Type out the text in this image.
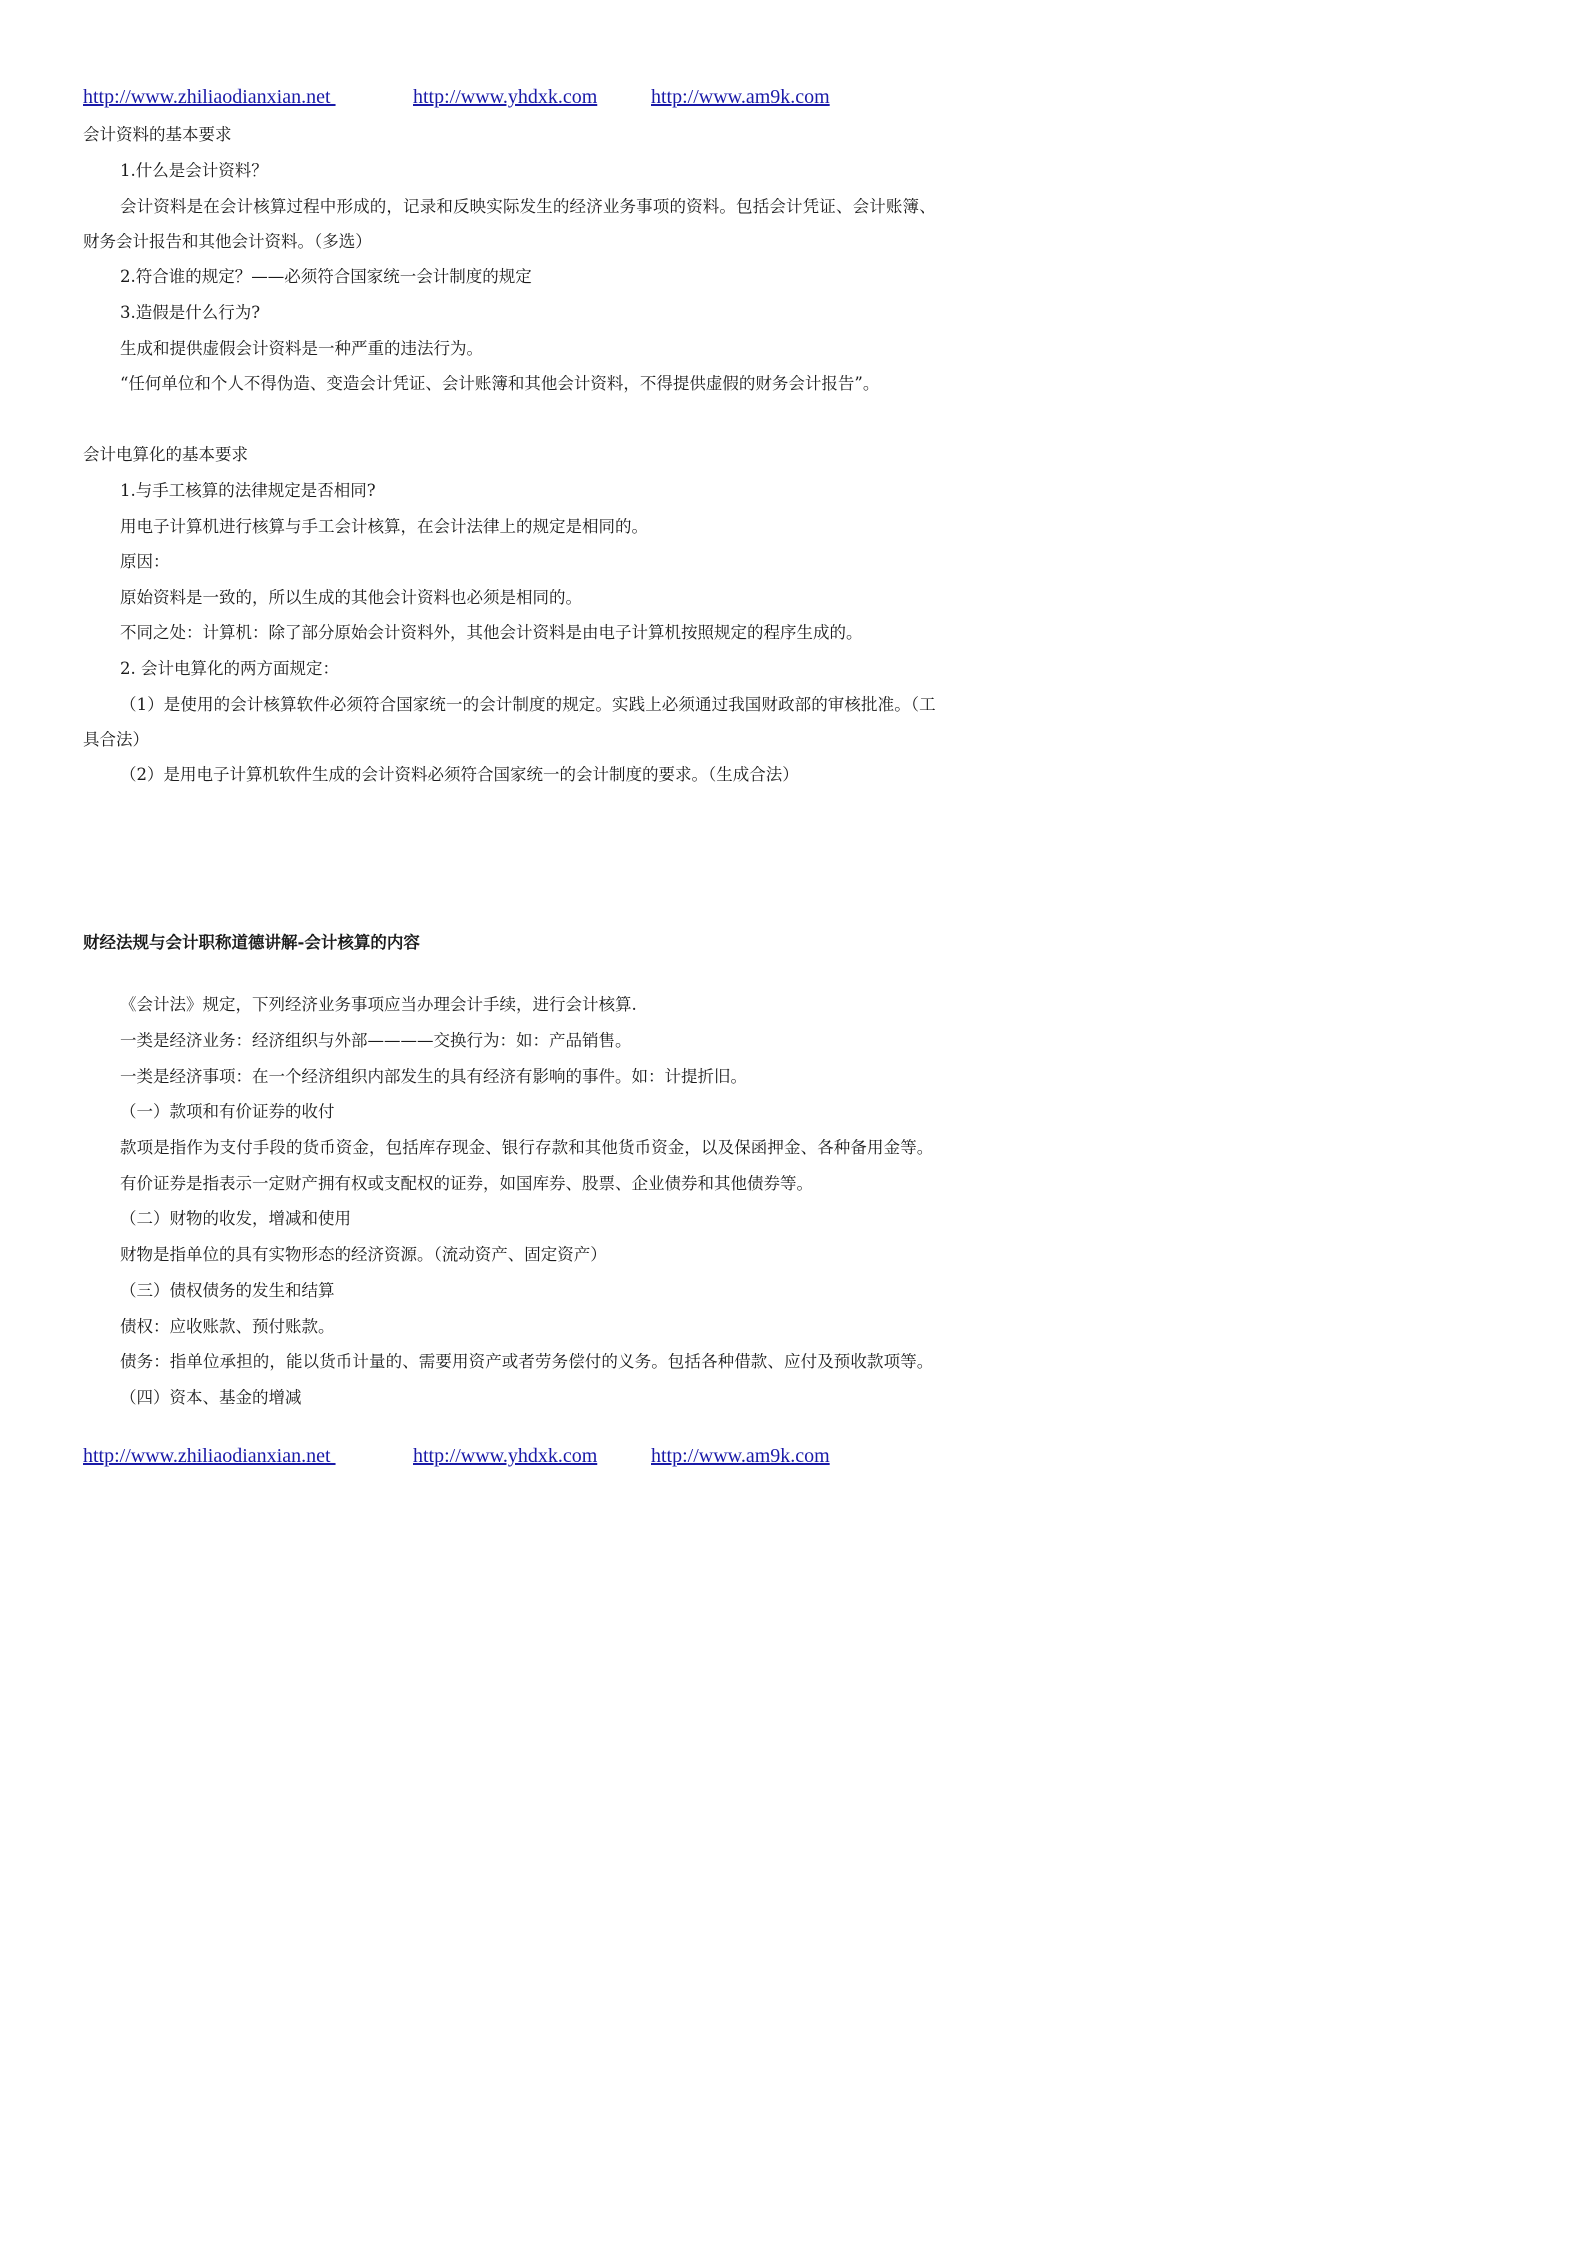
http://www.zhiliaodianxian.net	http://www.yhdxk.com	http://www.am9k.com
会计资料的基本要求
1.什么是会计资料？
会计资料是在会计核算过程中形成的，记录和反映实际发生的经济业务事项的资料。包括会计凭证、会计账簿、
财务会计报告和其他会计资料。（多选）
2.符合谁的规定？——必须符合国家统一会计制度的规定
3.造假是什么行为?
生成和提供虚假会计资料是一种严重的违法行为。
“任何单位和个人不得伪造、变造会计凭证、会计账簿和其他会计资料，不得提供虚假的财务会计报告”。
会计电算化的基本要求
1.与手工核算的法律规定是否相同?
用电子计算机进行核算与手工会计核算，在会计法律上的规定是相同的。
原因：
原始资料是一致的，所以生成的其他会计资料也必须是相同的。
不同之处：计算机：除了部分原始会计资料外，其他会计资料是由电子计算机按照规定的程序生成的。
2. 会计电算化的两方面规定：
（1）是使用的会计核算软件必须符合国家统一的会计制度的规定。实践上必须通过我国财政部的审核批准。（工
具合法）
（2）是用电子计算机软件生成的会计资料必须符合国家统一的会计制度的要求。（生成合法）
财经法规与会计职称道德讲解-会计核算的内容
《会计法》规定，下列经济业务事项应当办理会计手续，进行会计核算.
一类是经济业务：经济组织与外部————交换行为：如：产品销售。
一类是经济事项：在一个经济组织内部发生的具有经济有影响的事件。如：计提折旧。
（一）款项和有价证券的收付
款项是指作为支付手段的货币资金，包括库存现金、银行存款和其他货币资金，以及保函押金、各种备用金等。
有价证券是指表示一定财产拥有权或支配权的证券，如国库券、股票、企业债券和其他债券等。
（二）财物的收发，增减和使用
财物是指单位的具有实物形态的经济资源。（流动资产、固定资产）
（三）债权债务的发生和结算
债权：应收账款、预付账款。
债务：指单位承担的，能以货币计量的、需要用资产或者劳务偿付的义务。包括各种借款、应付及预收款项等。
（四）资本、基金的增减
http://www.zhiliaodianxian.net	http://www.yhdxk.com	http://www.am9k.com
